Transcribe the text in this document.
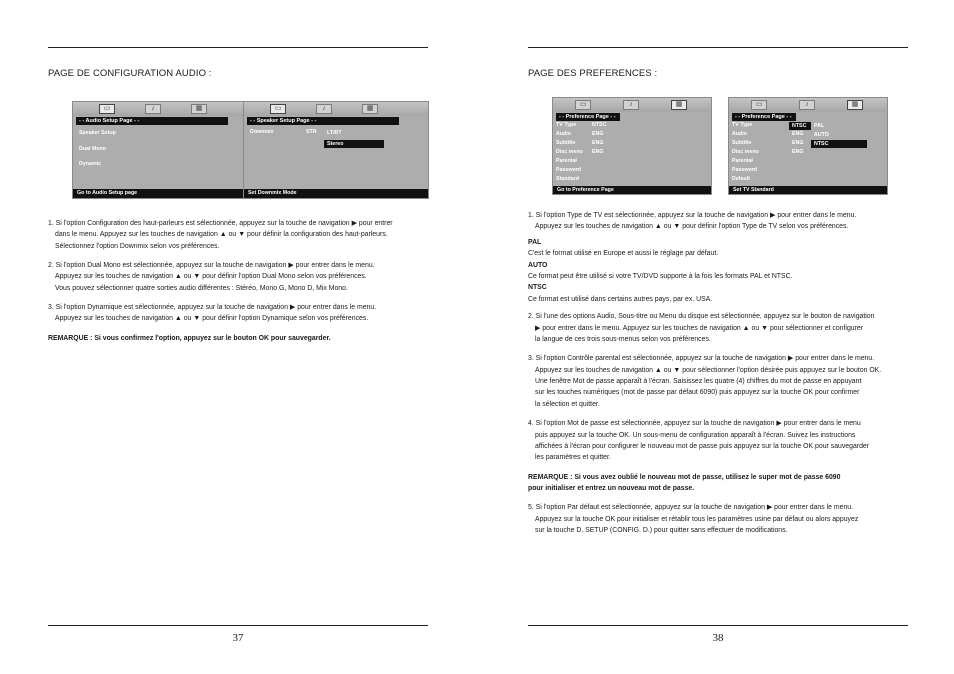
PAGE DE CONFIGURATION AUDIO :
▭	♪	▦
- - Audio Setup Page - -
Speaker Setup
Dual Mono
Dynamic
Go to Audio Setup page
▭	♪	▦
- - Speaker Setup Page - -
Downmix	STR	LT/RT
Stereo
Set Downmix Mode

1. Si l'option Configuration des haut-parleurs est sélectionnée, appuyez sur la touche de navigation ▶ pour entrer
dans le menu. Appuyez sur les touches de navigation ▲ ou ▼ pour définir la configuration des haut-parleurs.
Sélectionnez l'option Downmix selon vos préférences.

2. Si l'option Dual Mono est sélectionnée, appuyez sur la touche de navigation ▶ pour entrer dans le menu.
Appuyez sur les touches de navigation ▲ ou ▼ pour définir l'option Dual Mono selon vos préférences.
Vous pouvez sélectionner quatre sorties audio différentes : Stéréo, Mono G, Mono D, Mix Mono.

3. Si l'option Dynamique est sélectionnée, appuyez sur la touche de navigation ▶ pour entrer dans le menu.
Appuyez sur les touches de navigation ▲ ou ▼ pour définir l'option Dynamique selon vos préférences.

REMARQUE : Si vous confirmez l'option, appuyez sur le bouton OK pour sauvegarder.

37
PAGE DES PREFERENCES :
▭	♪	▦
- - Preference Page - -
TV Type	NTSC
Audio	ENG
Subtitle	ENG
Disc menu ENG
Parental
Password
Standard
Go to Preference Page
▭	♪	▦
- - Preference Page - -
TV Type	NTSC
Audio	ENG
Subtitle	ENG
Disc menu	ENG
Parental
Password
Default
PAL
AUTO
NTSC
Set TV Standard

1. Si l'option Type de TV est sélectionnée, appuyez sur la touche de navigation ▶ pour entrer dans le menu.
Appuyez sur les touches de navigation ▲ ou ▼ pour définir l'option Type de TV selon vos préférences.

PAL
C'est le format utilisé en Europe et aussi le réglage par défaut.
AUTO
Ce format peut être utilisé si votre TV/DVD supporte à la fois les formats PAL et NTSC.
NTSC
Ce format est utilisé dans certains autres pays, par ex. USA.

2. Si l'une des options Audio, Sous-titre ou Menu du disque est sélectionnée, appuyez sur le bouton de navigation
▶ pour entrer dans le menu. Appuyez sur les touches de navigation ▲ ou ▼ pour sélectionner et configurer
la langue de ces trois sous-menus selon vos préférences.

3. Si l'option Contrôle parental est sélectionnée, appuyez sur la touche de navigation ▶ pour entrer dans le menu.
Appuyez sur les touches de navigation ▲ ou ▼ pour sélectionner l'option désirée puis appuyez sur le bouton OK.
Une fenêtre Mot de passe apparaît à l'écran. Saisissez les quatre (4) chiffres du mot de passe en appuyant
sur les touches numériques (mot de passe par défaut 6090) puis appuyez sur la touche OK pour confirmer
la sélection et quitter.

4. Si l'option Mot de passe est sélectionnée, appuyez sur la touche de navigation ▶ pour entrer dans le menu
puis appuyez sur la touche OK. Un sous-menu de configuration apparaît à l'écran. Suivez les instructions
affichées à l'écran pour configurer le nouveau mot de passe puis appuyez sur la touche OK pour sauvegarder
les paramètres et quitter.

REMARQUE : Si vous avez oublié le nouveau mot de passe, utilisez le super mot de passe 6090
pour initialiser et entrez un nouveau mot de passe.

5. Si l'option Par défaut est sélectionnée, appuyez sur la touche de navigation ▶ pour entrer dans le menu.
Appuyez sur la touche OK pour initialiser et rétablir tous les paramètres usine par défaut ou alors appuyez
sur la touche D. SETUP (CONFIG. D.) pour quitter sans effectuer de modifications.

38
